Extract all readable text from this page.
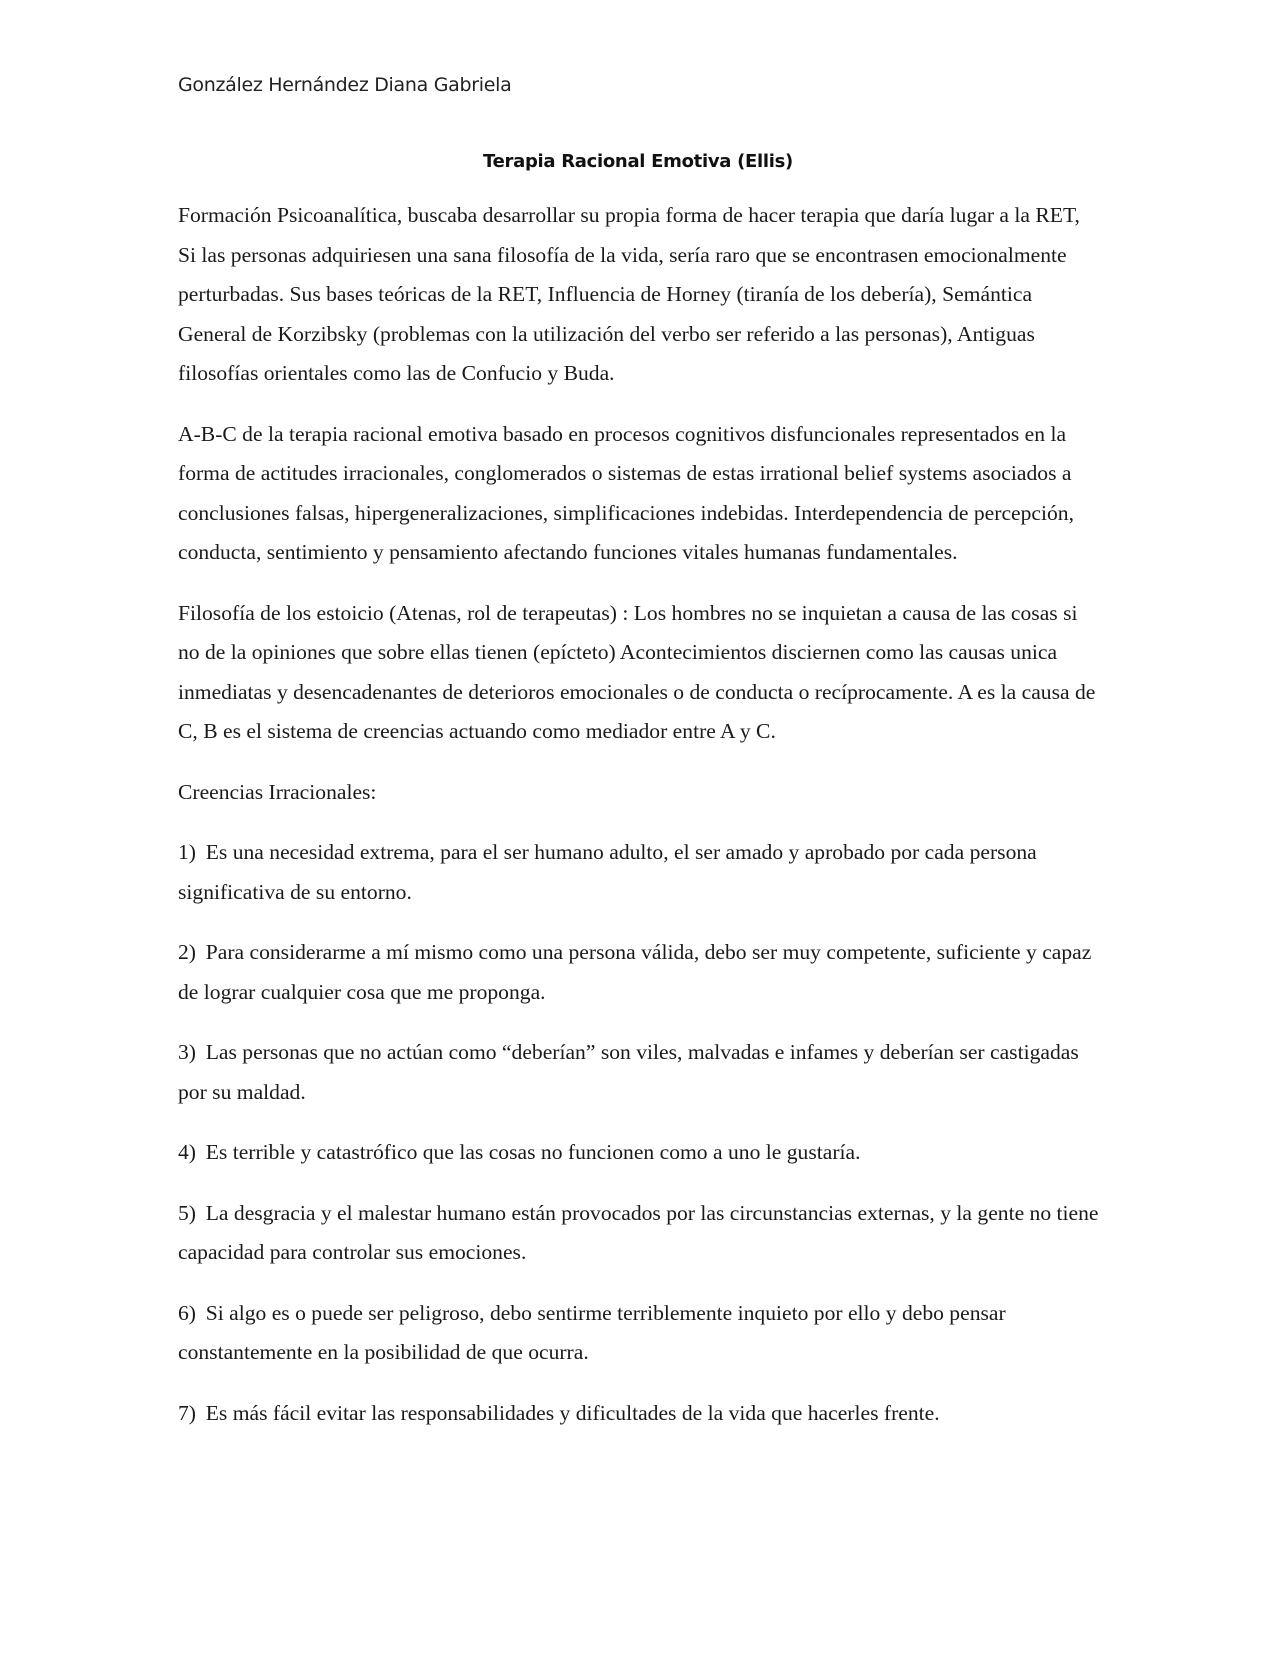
González Hernández Diana Gabriela
Terapia Racional Emotiva (Ellis)

Formación Psicoanalítica, buscaba desarrollar su propia forma de hacer terapia que daría lugar a la RET, Si las personas adquiriesen una sana filosofía de la vida, sería raro que se encontrasen emocionalmente perturbadas. Sus bases teóricas de la RET, Influencia de Horney (tiranía de los debería), Semántica General de Korzibsky (problemas con la utilización del verbo ser referido a las personas), Antiguas filosofías orientales como las de Confucio y Buda.

A-B-C de la terapia racional emotiva basado en procesos cognitivos disfuncionales representados en la forma de actitudes irracionales, conglomerados o sistemas de estas irrational belief systems asociados a conclusiones falsas, hipergeneralizaciones, simplificaciones indebidas. Interdependencia de percepción, conducta, sentimiento y pensamiento afectando funciones vitales humanas fundamentales.

Filosofía de los estoicio (Atenas, rol de terapeutas) : Los hombres no se inquietan a causa de las cosas si no de la opiniones que sobre ellas tienen (epícteto) Acontecimientos disciernen como las causas unica inmediatas y desencadenantes de deterioros emocionales o de conducta o recíprocamente. A es la causa de C, B es el sistema de creencias actuando como mediador entre A y C.

Creencias Irracionales:

1) Es una necesidad extrema, para el ser humano adulto, el ser amado y aprobado por cada persona significativa de su entorno.

2) Para considerarme a mí mismo como una persona válida, debo ser muy competente, suficiente y capaz de lograr cualquier cosa que me proponga.

3) Las personas que no actúan como “deberían” son viles, malvadas e infames y deberían ser castigadas por su maldad.

4) Es terrible y catastrófico que las cosas no funcionen como a uno le gustaría.

5) La desgracia y el malestar humano están provocados por las circunstancias externas, y la gente no tiene capacidad para controlar sus emociones.

6) Si algo es o puede ser peligroso, debo sentirme terriblemente inquieto por ello y debo pensar constantemente en la posibilidad de que ocurra.

7) Es más fácil evitar las responsabilidades y dificultades de la vida que hacerles frente.
